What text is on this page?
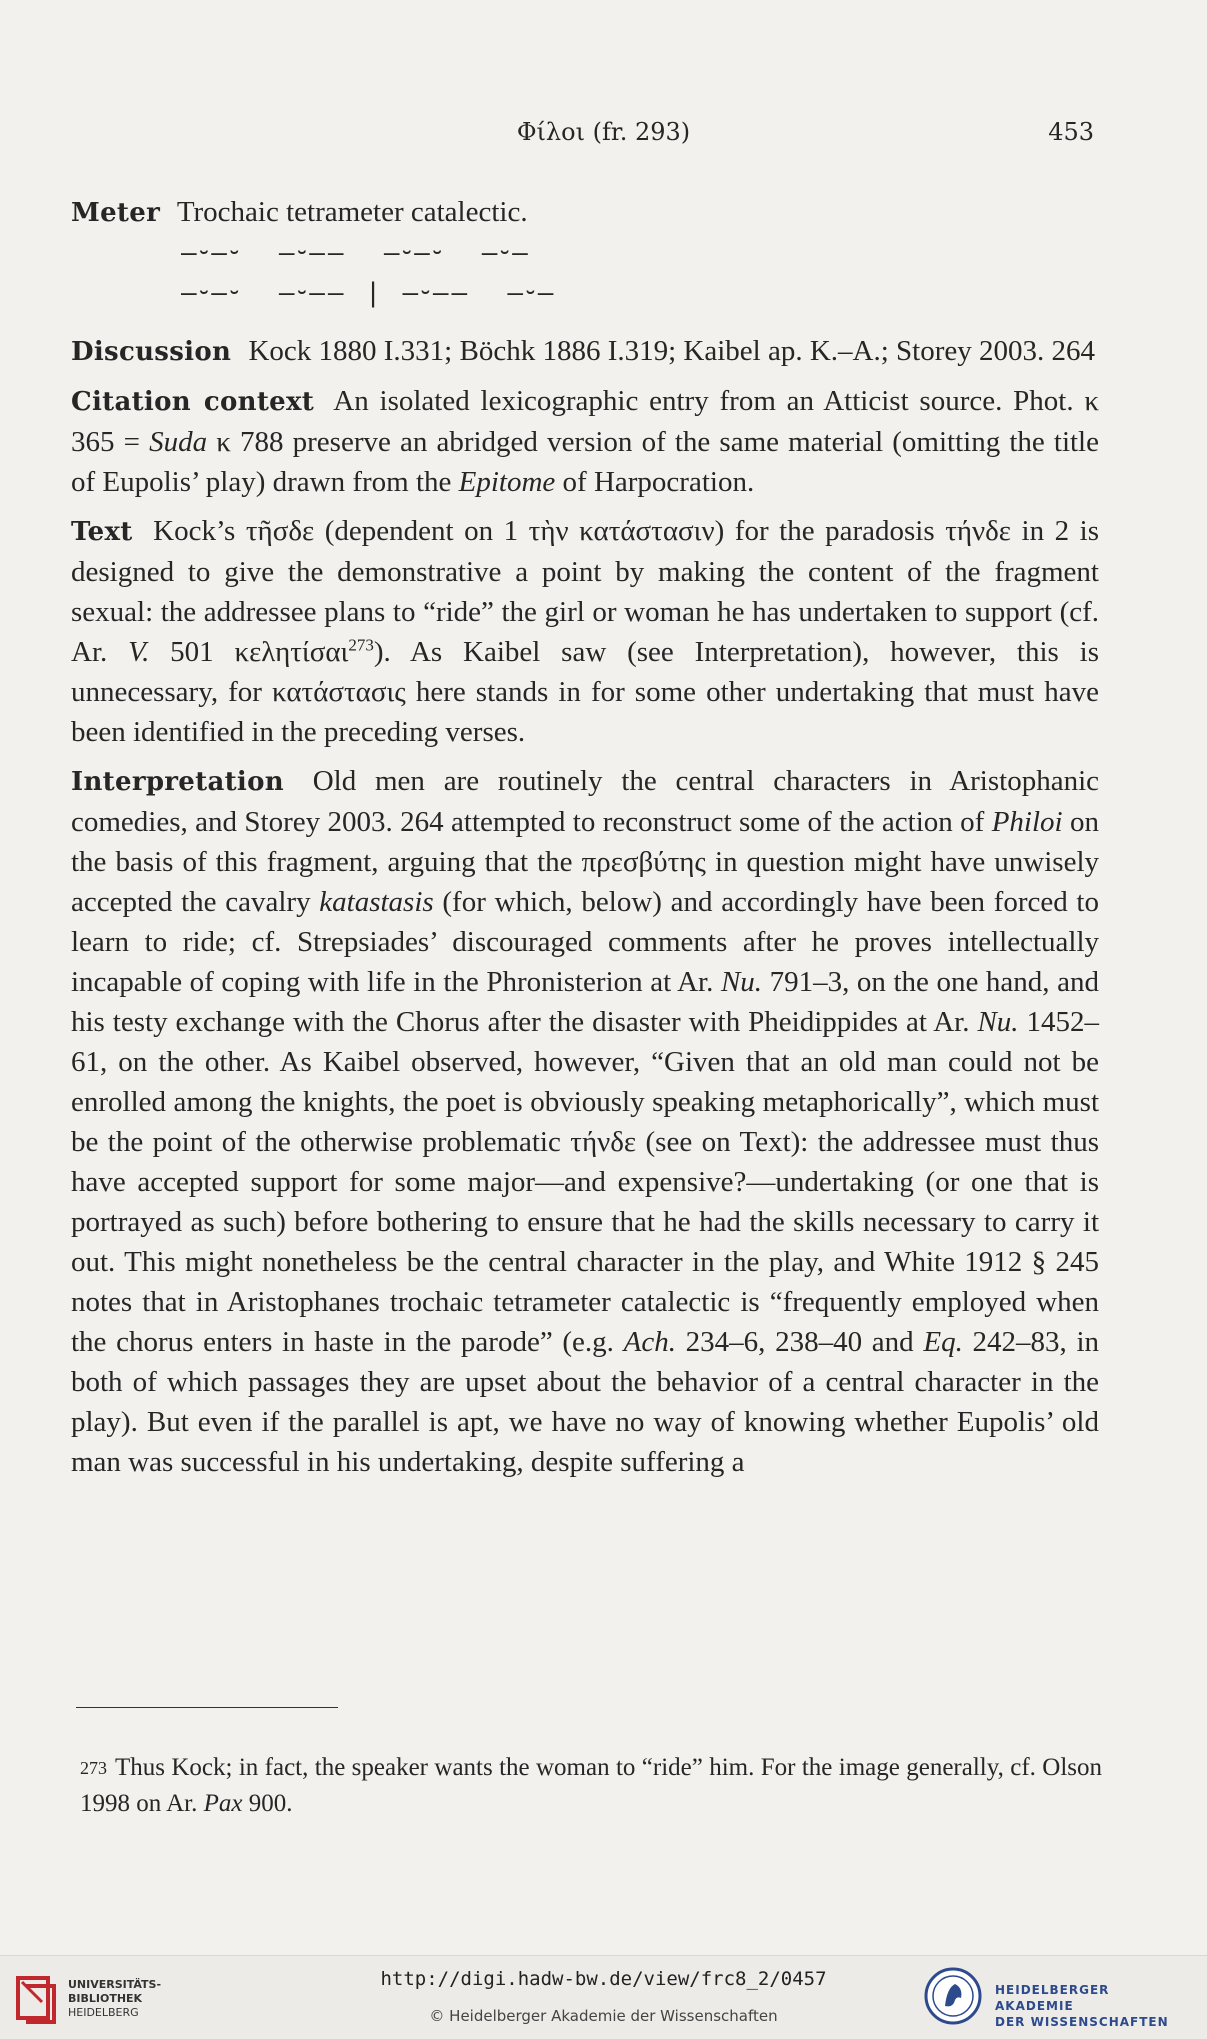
Φίλοι (fr. 293)	453

Meter Trochaic tetrameter catalectic.

–⏑–⏑  –⏑––  –⏑–⏑  –⏑–
–⏑–⏑  –⏑–– | –⏑––  –⏑–

Discussion Kock 1880 I.331; Böchk 1886 I.319; Kaibel ap. K.–A.; Storey 2003. 264

Citation context An isolated lexicographic entry from an Atticist source. Phot. κ 365 = Suda κ 788 preserve an abridged version of the same material (omitting the title of Eupolis’ play) drawn from the Epitome of Harpocration.

Text Kock’s τῆσδε (dependent on 1 τὴν κατάστασιν) for the paradosis τήνδε in 2 is designed to give the demonstrative a point by making the content of the fragment sexual: the addressee plans to “ride” the girl or woman he has undertaken to support (cf. Ar. V. 501 κελητίσαι$^{273}$). As Kaibel saw (see Interpretation), however, this is unnecessary, for κατάστασις here stands in for some other undertaking that must have been identified in the preceding verses.

Interpretation Old men are routinely the central characters in Aristophanic comedies, and Storey 2003. 264 attempted to reconstruct some of the action of Philoi on the basis of this fragment, arguing that the πρεσβύτης in question might have unwisely accepted the cavalry katastasis (for which, below) and accordingly have been forced to learn to ride; cf. Strepsiades’ discouraged comments after he proves intellectually incapable of coping with life in the Phronisterion at Ar. Nu. 791–3, on the one hand, and his testy exchange with the Chorus after the disaster with Pheidippides at Ar. Nu. 1452–61, on the other. As Kaibel observed, however, “Given that an old man could not be enrolled among the knights, the poet is obviously speaking metaphorically”, which must be the point of the otherwise problematic τήνδε (see on Text): the addressee must thus have accepted support for some major—and expensive?—undertaking (or one that is portrayed as such) before bothering to ensure that he had the skills necessary to carry it out. This might nonetheless be the central character in the play, and White 1912 § 245 notes that in Aristophanes trochaic tetrameter catalectic is “frequently employed when the chorus enters in haste in the parode” (e.g. Ach. 234–6, 238–40 and Eq. 242–83, in both of which passages they are upset about the behavior of a central character in the play). But even if the parallel is apt, we have no way of knowing whether Eupolis’ old man was successful in his undertaking, despite suffering a

$^{273}$ Thus Kock; in fact, the speaker wants the woman to “ride” him. For the image generally, cf. Olson 1998 on Ar. Pax 900.

UNIVERSITÄTS-
BIBLIOTHEK
HEIDELBERG
http://digi.hadw-bw.de/view/frc8_2/0457
© Heidelberger Akademie der Wissenschaften
HEIDELBERGER AKADEMIE
DER WISSENSCHAFTEN
